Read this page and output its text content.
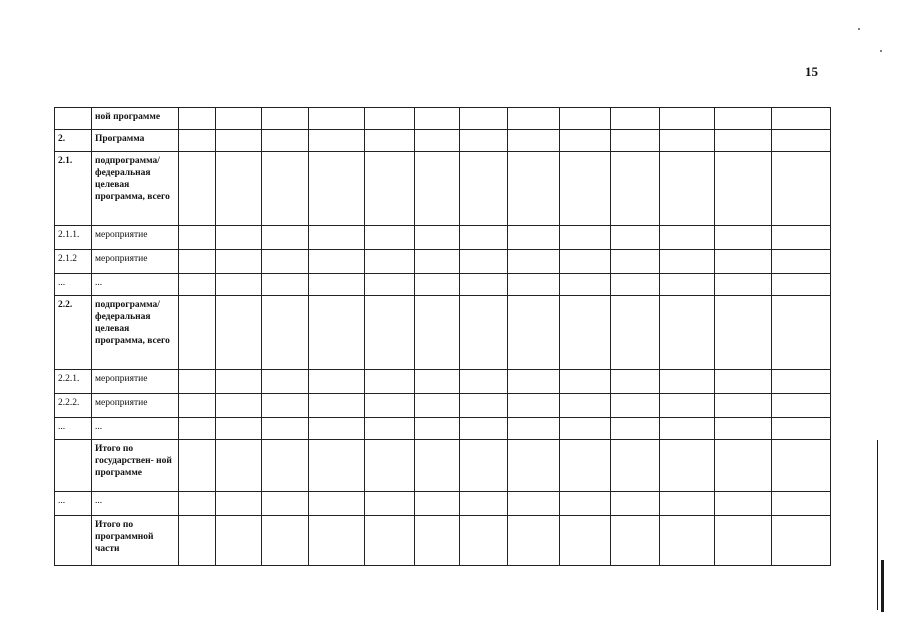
15
	ной программе													
2.	Программа													
2.1.	подпрограмма/ федеральная целевая программа, всего													
2.1.1.	мероприятие													
2.1.2	мероприятие													
...	...													
2.2.	подпрограмма/ федеральная целевая программа, всего													
2.2.1.	мероприятие													
2.2.2.	мероприятие													
...	...													
	Итого по государствен- ной программе													
...	...													
	Итого по программной части													
